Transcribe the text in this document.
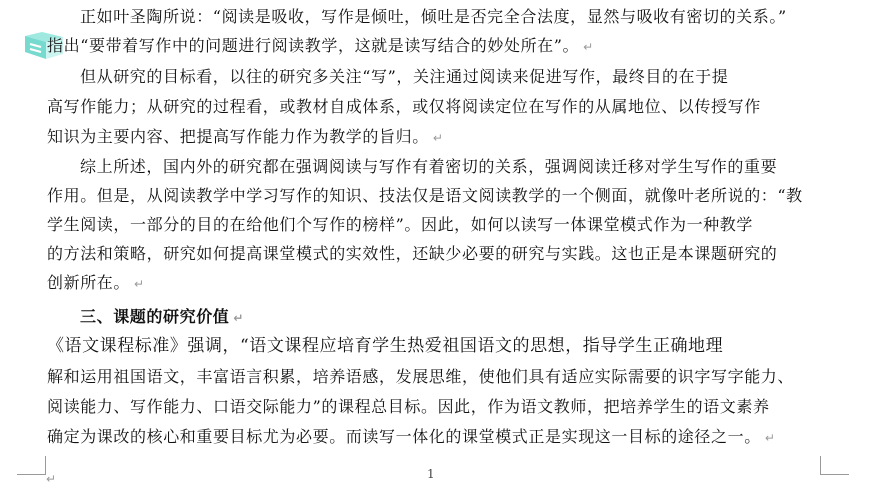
正如叶圣陶所说：“阅读是吸收，写作是倾吐，倾吐是否完全合法度，显然与吸收有密切的关系。”
指出“要带着写作中的问题进行阅读教学，这就是读写结合的妙处所在”。 ↵
但从研究的目标看，以往的研究多关注“写”，关注通过阅读来促进写作，最终目的在于提
高写作能力；从研究的过程看，或教材自成体系，或仅将阅读定位在写作的从属地位、以传授写作
知识为主要内容、把提高写作能力作为教学的旨归。 ↵
综上所述，国内外的研究都在强调阅读与写作有着密切的关系，强调阅读迁移对学生写作的重要
作用。但是，从阅读教学中学习写作的知识、技法仅是语文阅读教学的一个侧面，就像叶老所说的：“教
学生阅读，一部分的目的在给他们个写作的榜样”。因此，如何以读写一体课堂模式作为一种教学
的方法和策略，研究如何提高课堂模式的实效性，还缺少必要的研究与实践。这也正是本课题研究的
创新所在。 ↵
三、课题的研究价值 ↵
《语文课程标准》强调，“语文课程应培育学生热爱祖国语文的思想，指导学生正确地理
解和运用祖国语文，丰富语言积累，培养语感，发展思维，使他们具有适应实际需要的识字写字能力、
阅读能力、写作能力、口语交际能力”的课程总目标。因此，作为语文教师，把培养学生的语文素养
确定为课改的核心和重要目标尤为必要。而读写一体化的课堂模式正是实现这一目标的途径之一。 ↵
1
↵
